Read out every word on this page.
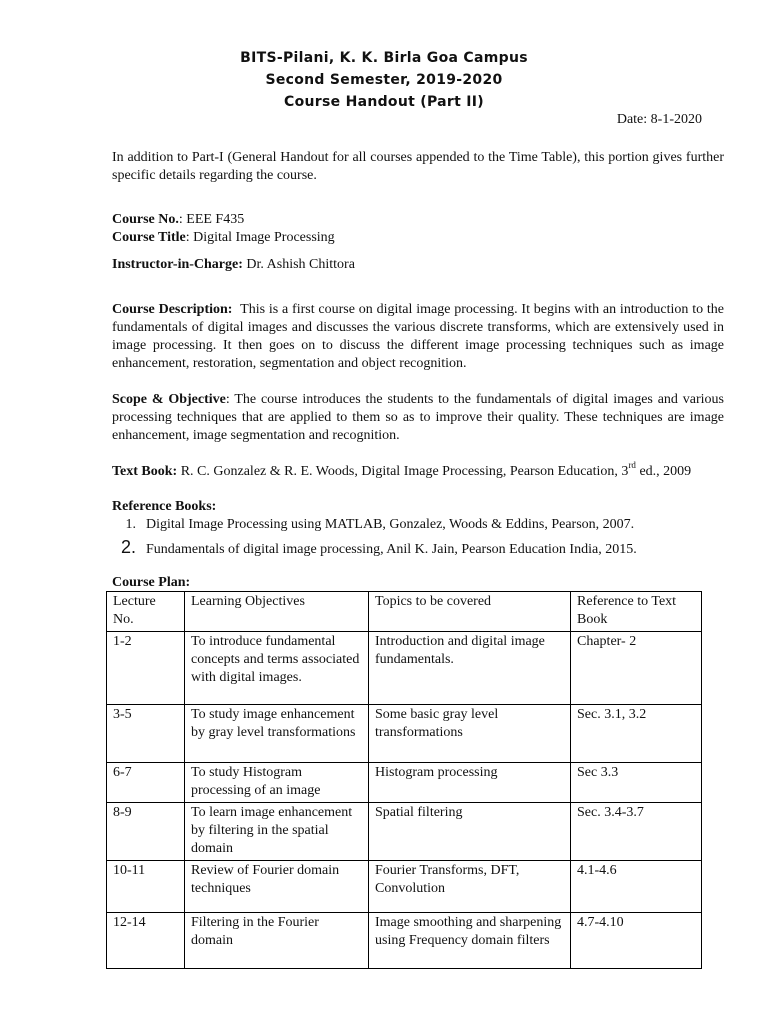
BITS-Pilani, K. K. Birla Goa Campus
Second Semester, 2019-2020
Course Handout (Part II)
Date: 8-1-2020
In addition to Part-I (General Handout for all courses appended to the Time Table), this portion gives further specific details regarding the course.
Course No.: EEE F435
Course Title: Digital Image Processing
Instructor-in-Charge: Dr. Ashish Chittora
Course Description: This is a first course on digital image processing. It begins with an introduction to the fundamentals of digital images and discusses the various discrete transforms, which are extensively used in image processing. It then goes on to discuss the different image processing techniques such as image enhancement, restoration, segmentation and object recognition.
Scope & Objective: The course introduces the students to the fundamentals of digital images and various processing techniques that are applied to them so as to improve their quality. These techniques are image enhancement, image segmentation and recognition.
Text Book: R. C. Gonzalez & R. E. Woods, Digital Image Processing, Pearson Education, 3rd ed., 2009
Reference Books:
1. Digital Image Processing using MATLAB, Gonzalez, Woods & Eddins, Pearson, 2007.
2. Fundamentals of digital image processing, Anil K. Jain, Pearson Education India, 2015.
Course Plan:
Lecture No.	Learning Objectives	Topics to be covered	Reference to Text Book
1-2	To introduce fundamental concepts and terms associated with digital images.	Introduction and digital image fundamentals.	Chapter- 2
3-5	To study image enhancement by gray level transformations	Some basic gray level transformations	Sec. 3.1, 3.2
6-7	To study Histogram processing of an image	Histogram processing	Sec 3.3
8-9	To learn image enhancement by filtering in the spatial domain	Spatial filtering	Sec. 3.4-3.7
10-11	Review of Fourier domain techniques	Fourier Transforms, DFT, Convolution	4.1-4.6
12-14	Filtering in the Fourier domain	Image smoothing and sharpening using Frequency domain filters	4.7-4.10
